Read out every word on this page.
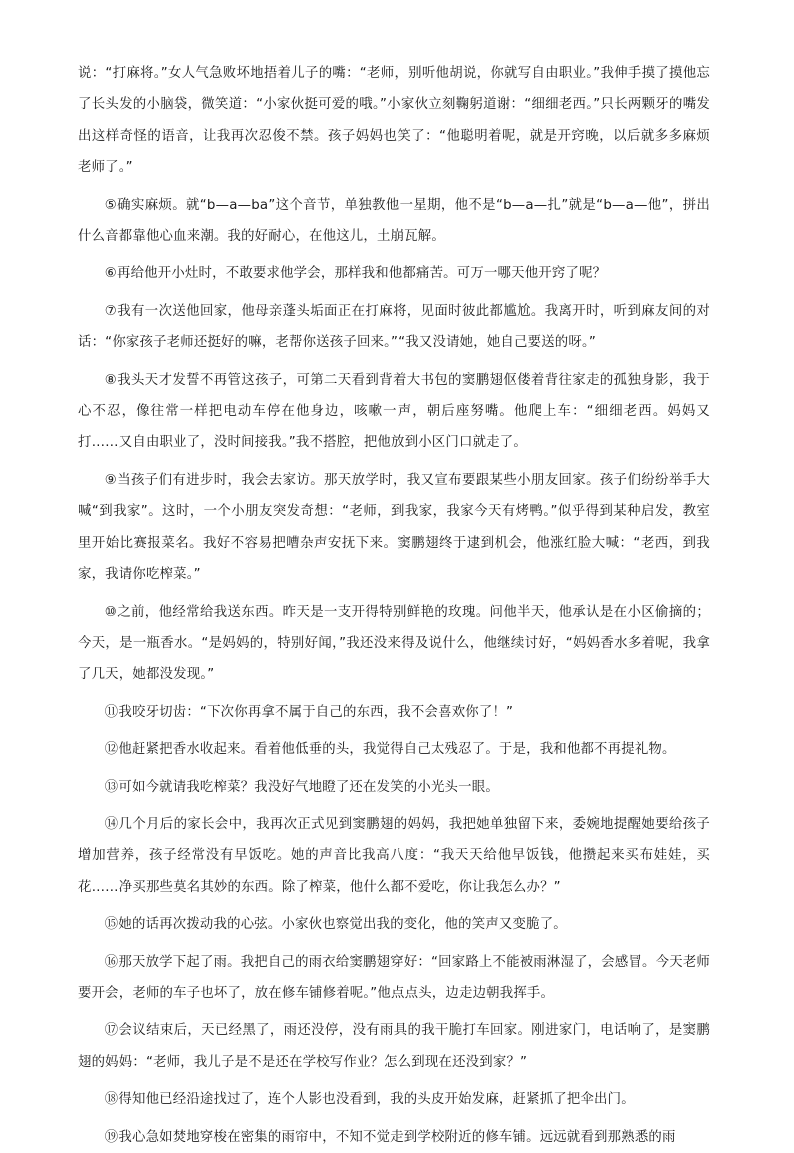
说：“打麻将。”女人气急败坏地捂着儿子的嘴：“老师，别听他胡说，你就写自由职业。”我伸手摸了摸他忘了长头发的小脑袋，微笑道：“小家伙挺可爱的哦。”小家伙立刻鞠躬道谢：“细细老西。”只长两颗牙的嘴发出这样奇怪的语音，让我再次忍俊不禁。孩子妈妈也笑了：“他聪明着呢，就是开窍晚，以后就多多麻烦老师了。”

⑤确实麻烦。就“b—a—ba”这个音节，单独教他一星期，他不是“b—a—扎”就是“b—a—他”，拼出什么音都靠他心血来潮。我的好耐心，在他这儿，土崩瓦解。

⑥再给他开小灶时，不敢要求他学会，那样我和他都痛苦。可万一哪天他开窍了呢？

⑦我有一次送他回家，他母亲蓬头垢面正在打麻将，见面时彼此都尴尬。我离开时，听到麻友间的对话：“你家孩子老师还挺好的嘛，老帮你送孩子回来。”“我又没请她，她自己要送的呀。”

⑧我头天才发誓不再管这孩子，可第二天看到背着大书包的窦鹏翅伛偻着背往家走的孤独身影，我于心不忍，像往常一样把电动车停在他身边，咳嗽一声，朝后座努嘴。他爬上车：“细细老西。妈妈又打……又自由职业了，没时间接我。”我不搭腔，把他放到小区门口就走了。

⑨当孩子们有进步时，我会去家访。那天放学时，我又宣布要跟某些小朋友回家。孩子们纷纷举手大喊“到我家”。这时，一个小朋友突发奇想：“老师，到我家，我家今天有烤鸭。”似乎得到某种启发，教室里开始比赛报菜名。我好不容易把嘈杂声安抚下来。窦鹏翅终于逮到机会，他涨红脸大喊：“老西，到我家，我请你吃榨菜。”

⑩之前，他经常给我送东西。昨天是一支开得特别鲜艳的玫瑰。问他半天，他承认是在小区偷摘的；今天，是一瓶香水。“是妈妈的，特别好闻，”我还没来得及说什么，他继续讨好，“妈妈香水多着呢，我拿了几天，她都没发现。”

⑪我咬牙切齿：“下次你再拿不属于自己的东西，我不会喜欢你了！”

⑫他赶紧把香水收起来。看着他低垂的头，我觉得自己太残忍了。于是，我和他都不再提礼物。

⑬可如今就请我吃榨菜？我没好气地瞪了还在发笑的小光头一眼。

⑭几个月后的家长会中，我再次正式见到窦鹏翅的妈妈，我把她单独留下来，委婉地提醒她要给孩子增加营养，孩子经常没有早饭吃。她的声音比我高八度：“我天天给他早饭钱，他攒起来买布娃娃，买花……净买那些莫名其妙的东西。除了榨菜，他什么都不爱吃，你让我怎么办？”

⑮她的话再次拨动我的心弦。小家伙也察觉出我的变化，他的笑声又变脆了。

⑯那天放学下起了雨。我把自己的雨衣给窦鹏翅穿好：“回家路上不能被雨淋湿了，会感冒。今天老师要开会，老师的车子也坏了，放在修车铺修着呢。”他点点头，边走边朝我挥手。

⑰会议结束后，天已经黑了，雨还没停，没有雨具的我干脆打车回家。刚进家门，电话响了，是窦鹏翅的妈妈：“老师，我儿子是不是还在学校写作业？怎么到现在还没到家？”

⑱得知他已经沿途找过了，连个人影也没看到，我的头皮开始发麻，赶紧抓了把伞出门。

⑲我心急如焚地穿梭在密集的雨帘中，不知不觉走到学校附近的修车铺。远远就看到那熟悉的雨
